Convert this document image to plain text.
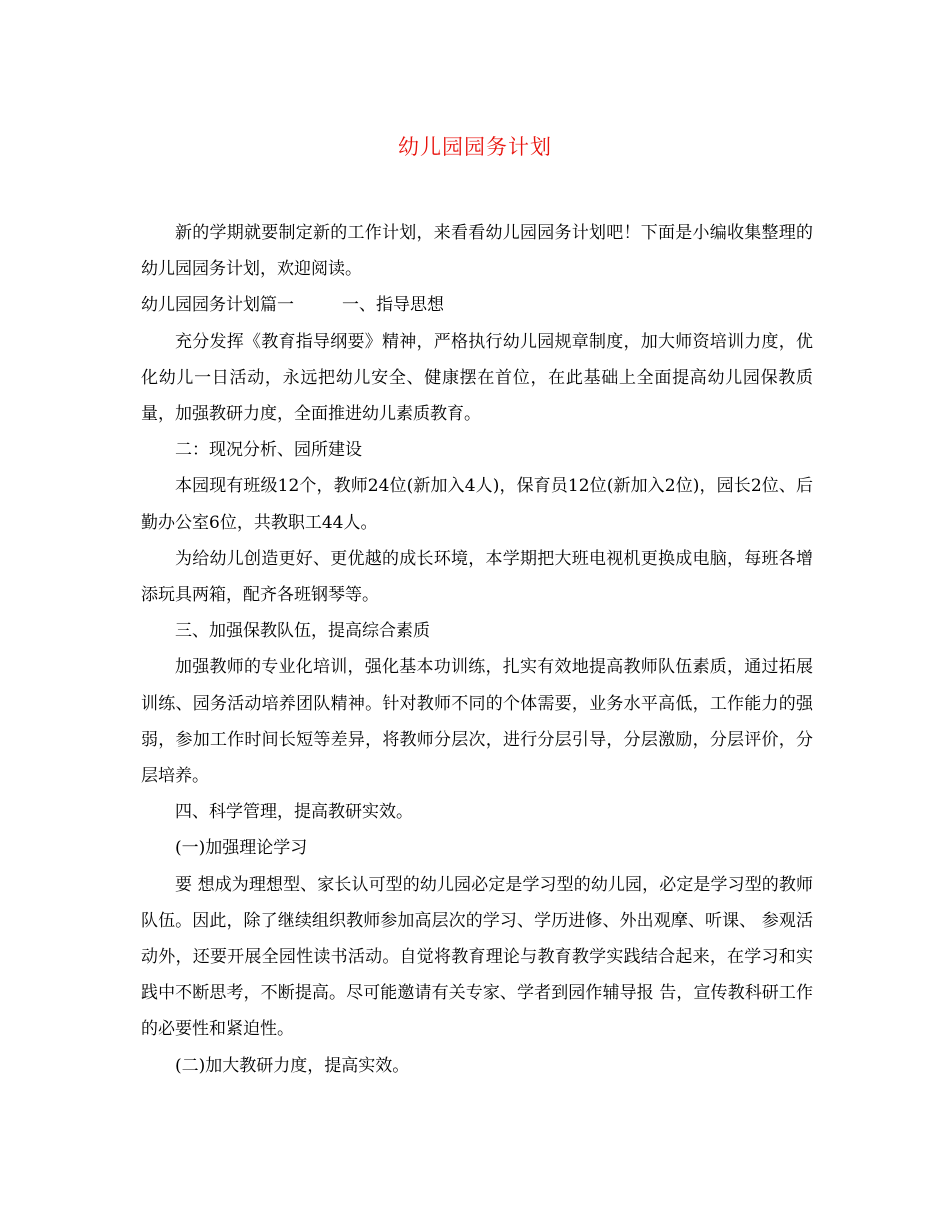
幼儿园园务计划

新的学期就要制定新的工作计划，来看看幼儿园园务计划吧！下面是小编收集整理的幼儿园园务计划，欢迎阅读。

幼儿园园务计划篇一	一、指导思想

充分发挥《教育指导纲要》精神，严格执行幼儿园规章制度，加大师资培训力度，优化幼儿一日活动，永远把幼儿安全、健康摆在首位，在此基础上全面提高幼儿园保教质量，加强教研力度，全面推进幼儿素质教育。

二：现况分析、园所建设

本园现有班级12个，教师24位(新加入4人)，保育员12位(新加入2位)，园长2位、后勤办公室6位，共教职工44人。

为给幼儿创造更好、更优越的成长环境，本学期把大班电视机更换成电脑，每班各增添玩具两箱，配齐各班钢琴等。

三、加强保教队伍，提高综合素质

加强教师的专业化培训，强化基本功训练，扎实有效地提高教师队伍素质，通过拓展训练、园务活动培养团队精神。针对教师不同的个体需要，业务水平高低，工作能力的强弱，参加工作时间长短等差异，将教师分层次，进行分层引导，分层激励，分层评价，分层培养。

四、科学管理，提高教研实效。

(一)加强理论学习

要 想成为理想型、家长认可型的幼儿园必定是学习型的幼儿园，必定是学习型的教师队伍。因此，除了继续组织教师参加高层次的学习、学历进修、外出观摩、听课、 参观活动外，还要开展全园性读书活动。自觉将教育理论与教育教学实践结合起来，在学习和实践中不断思考，不断提高。尽可能邀请有关专家、学者到园作辅导报 告，宣传教科研工作的必要性和紧迫性。

(二)加大教研力度，提高实效。
